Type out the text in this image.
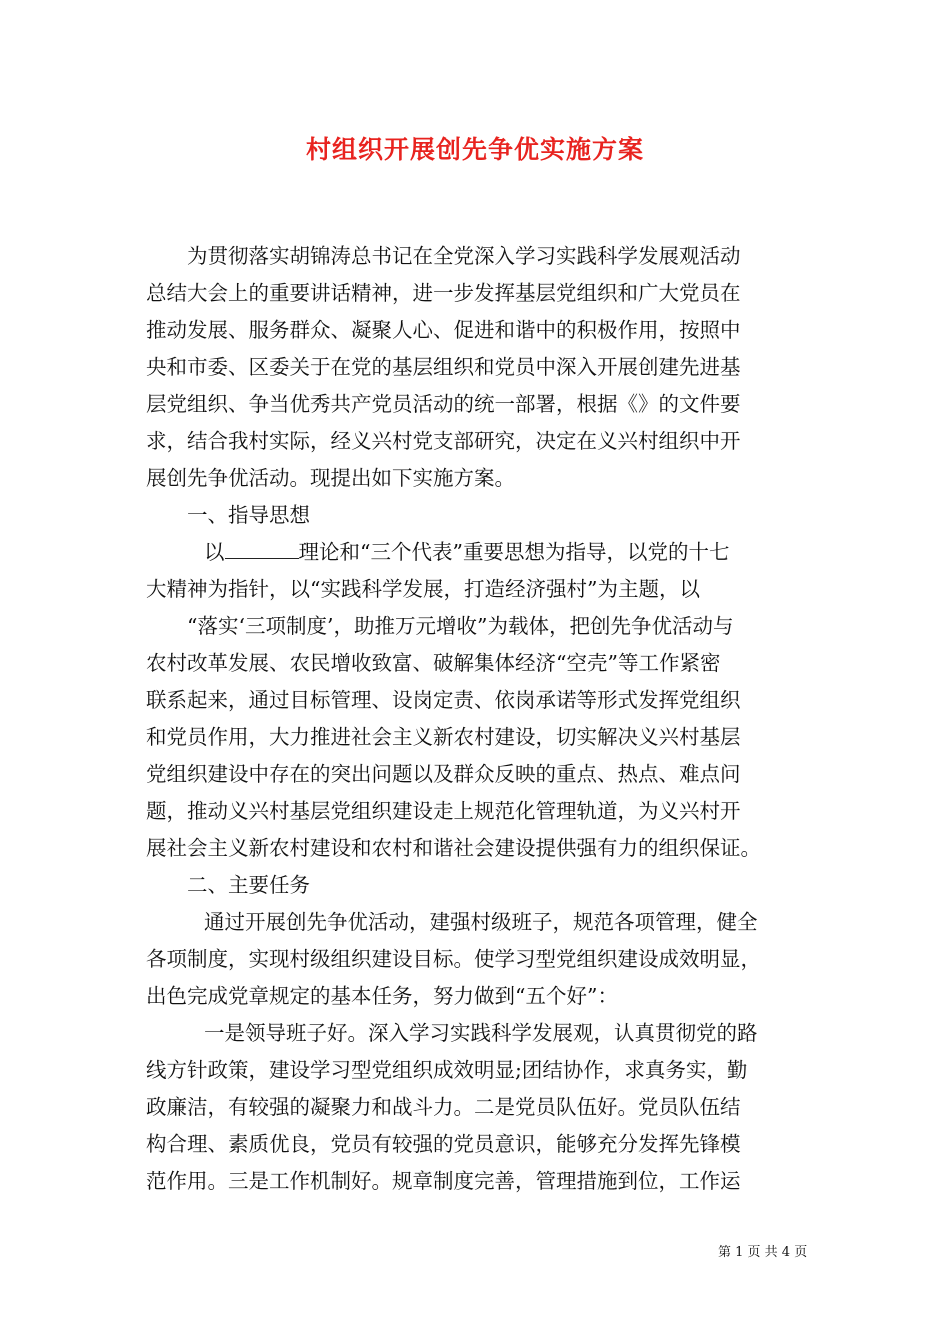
村组织开展创先争优实施方案
为贯彻落实胡锦涛总书记在全党深入学习实践科学发展观活动
总结大会上的重要讲话精神，进一步发挥基层党组织和广大党员在
推动发展、服务群众、凝聚人心、促进和谐中的积极作用，按照中
央和市委、区委关于在党的基层组织和党员中深入开展创建先进基
层党组织、争当优秀共产党员活动的统一部署，根据《》的文件要
求，结合我村实际，经义兴村党支部研究，决定在义兴村组织中开
展创先争优活动。现提出如下实施方案。
一、指导思想
以	理论和“三个代表”重要思想为指导，以党的十七
大精神为指针，以“实践科学发展，打造经济强村”为主题，以
“落实‘三项制度’，助推万元增收”为载体，把创先争优活动与
农村改革发展、农民增收致富、破解集体经济“空壳”等工作紧密
联系起来，通过目标管理、设岗定责、依岗承诺等形式发挥党组织
和党员作用，大力推进社会主义新农村建设，切实解决义兴村基层
党组织建设中存在的突出问题以及群众反映的重点、热点、难点问
题，推动义兴村基层党组织建设走上规范化管理轨道，为义兴村开
展社会主义新农村建设和农村和谐社会建设提供强有力的组织保证。
二、主要任务
通过开展创先争优活动，建强村级班子，规范各项管理，健全
各项制度，实现村级组织建设目标。使学习型党组织建设成效明显，
出色完成党章规定的基本任务，努力做到“五个好”：
一是领导班子好。深入学习实践科学发展观，认真贯彻党的路
线方针政策，建设学习型党组织成效明显;团结协作，求真务实，勤
政廉洁，有较强的凝聚力和战斗力。二是党员队伍好。党员队伍结
构合理、素质优良，党员有较强的党员意识，能够充分发挥先锋模
范作用。三是工作机制好。规章制度完善，管理措施到位，工作运
第 1 页 共 4 页
